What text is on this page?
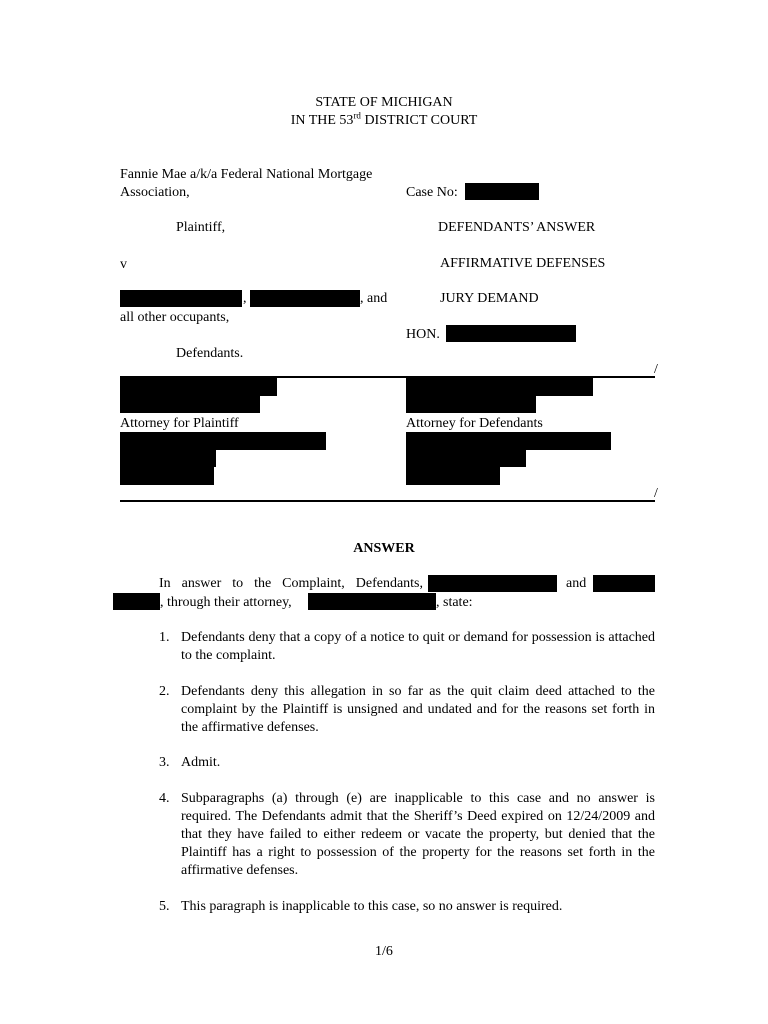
STATE OF MICHIGAN
IN THE 53rd DISTRICT COURT
Fannie Mae a/k/a Federal National Mortgage
Association,
Plaintiff,
v
,	, and
all other occupants,
Defendants.
Case No:
DEFENDANTS’ ANSWER
AFFIRMATIVE DEFENSES
JURY DEMAND
HON.
/
Attorney for Plaintiff	Attorney for Defendants
/
ANSWER
In answer to the Complaint, Defendants,	and
, through their attorney,	, state:
1. Defendants deny that a copy of a notice to quit or demand for possession is attached to the complaint.
2. Defendants deny this allegation in so far as the quit claim deed attached to the complaint by the Plaintiff is unsigned and undated and for the reasons set forth in the affirmative defenses.
3. Admit.
4. Subparagraphs (a) through (e) are inapplicable to this case and no answer is required. The Defendants admit that the Sheriff’s Deed expired on 12/24/2009 and that they have failed to either redeem or vacate the property, but denied that the Plaintiff has a right to possession of the property for the reasons set forth in the affirmative defenses.
5. This paragraph is inapplicable to this case, so no answer is required.
1/6
